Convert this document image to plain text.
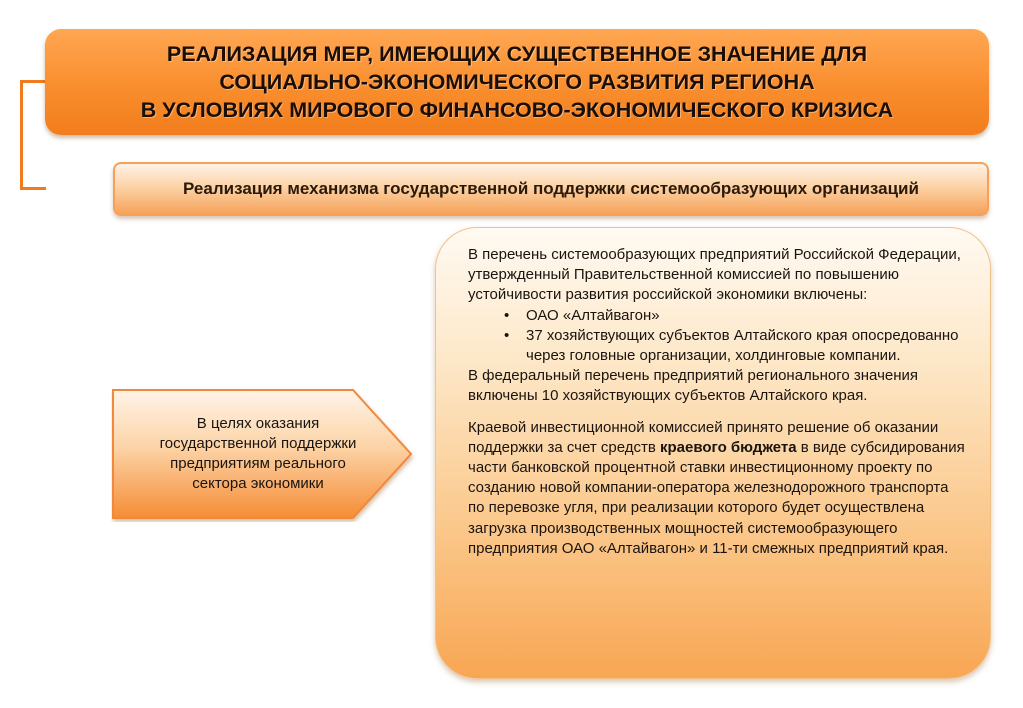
РЕАЛИЗАЦИЯ МЕР, ИМЕЮЩИХ СУЩЕСТВЕННОЕ ЗНАЧЕНИЕ ДЛЯ
СОЦИАЛЬНО-ЭКОНОМИЧЕСКОГО РАЗВИТИЯ РЕГИОНА
В УСЛОВИЯХ МИРОВОГО ФИНАНСОВО-ЭКОНОМИЧЕСКОГО КРИЗИСА
Реализация механизма государственной поддержки системообразующих организаций
В целях оказания
государственной поддержки
предприятиям реального
сектора экономики

В перечень системообразующих предприятий Российской Федерации, утвержденный Правительственной комиссией по повышению устойчивости развития российской экономики включены:

• ОАО «Алтайвагон»
• 37 хозяйствующих субъектов Алтайского края опосредованно через головные организации, холдинговые компании.

В федеральный перечень предприятий регионального значения включены 10 хозяйствующих субъектов Алтайского края.

Краевой инвестиционной комиссией принято решение об оказании поддержки за счет средств краевого бюджета в виде субсидирования части банковской процентной ставки инвестиционному проекту по созданию новой компании-оператора железнодорожного транспорта по перевозке угля, при реализации которого будет осуществлена загрузка производственных мощностей системообразующего предприятия ОАО «Алтайвагон» и 11-ти смежных предприятий края.
